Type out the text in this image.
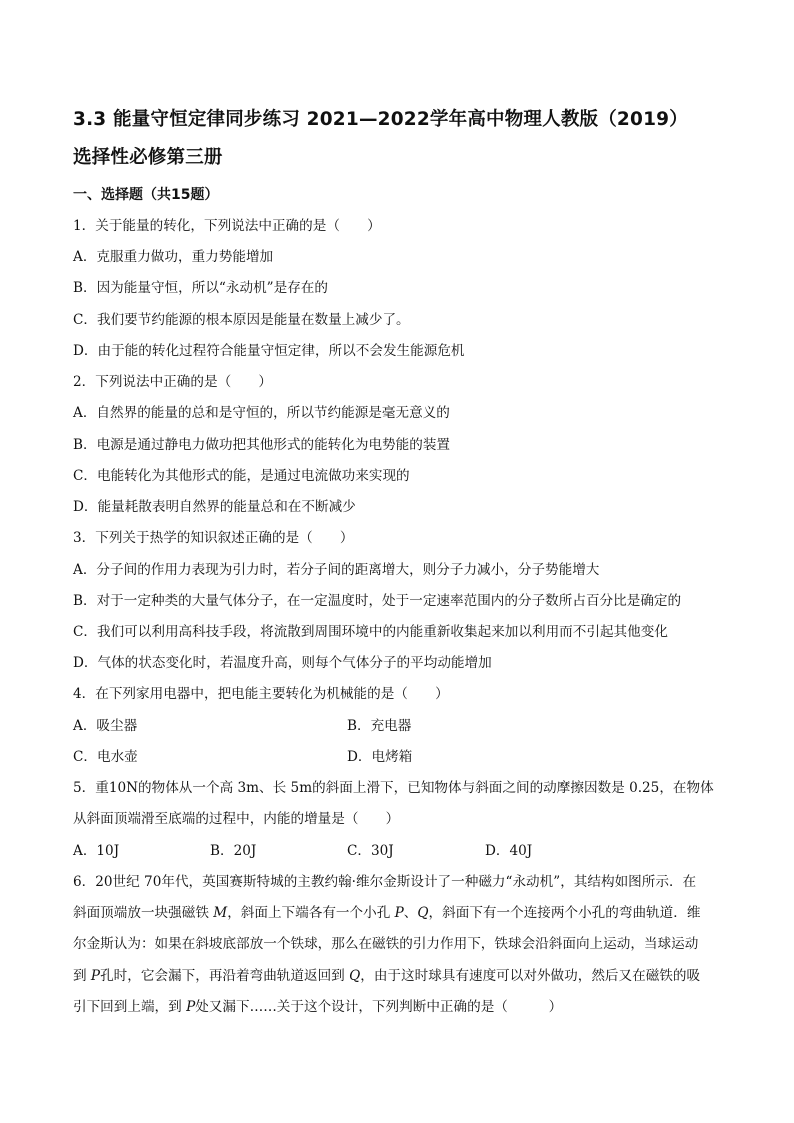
3.3 能量守恒定律同步练习 2021—2022学年高中物理人教版（2019）
选择性必修第三册
一、选择题（共15题）
1．关于能量的转化，下列说法中正确的是（　　）
A．克服重力做功，重力势能增加
B．因为能量守恒，所以“永动机”是存在的
C．我们要节约能源的根本原因是能量在数量上减少了。
D．由于能的转化过程符合能量守恒定律，所以不会发生能源危机
2．下列说法中正确的是（　　）
A．自然界的能量的总和是守恒的，所以节约能源是毫无意义的
B．电源是通过静电力做功把其他形式的能转化为电势能的装置
C．电能转化为其他形式的能，是通过电流做功来实现的
D．能量耗散表明自然界的能量总和在不断减少
3．下列关于热学的知识叙述正确的是（　　）
A．分子间的作用力表现为引力时，若分子间的距离增大，则分子力减小，分子势能增大
B．对于一定种类的大量气体分子，在一定温度时，处于一定速率范围内的分子数所占百分比是确定的
C．我们可以利用高科技手段，将流散到周围环境中的内能重新收集起来加以利用而不引起其他变化
D．气体的状态变化时，若温度升高，则每个气体分子的平均动能增加
4．在下列家用电器中，把电能主要转化为机械能的是（　　）
A．吸尘器	B．充电器
C．电水壶	D．电烤箱
5．重10N的物体从一个高 3m、长 5m的斜面上滑下，已知物体与斜面之间的动摩擦因数是 0.25，在物体
从斜面顶端滑至底端的过程中，内能的增量是（　　）
A．10J	B．20J	C．30J	D．40J
6．20世纪 70年代，英国赛斯特城的主教约翰·维尔金斯设计了一种磁力“永动机”，其结构如图所示．在
斜面顶端放一块强磁铁 M，斜面上下端各有一个小孔 P、Q，斜面下有一个连接两个小孔的弯曲轨道．维
尔金斯认为：如果在斜坡底部放一个铁球，那么在磁铁的引力作用下，铁球会沿斜面向上运动，当球运动
到 P孔时，它会漏下，再沿着弯曲轨道返回到 Q，由于这时球具有速度可以对外做功，然后又在磁铁的吸
引下回到上端，到 P处又漏下……关于这个设计，下列判断中正确的是（　　　）
